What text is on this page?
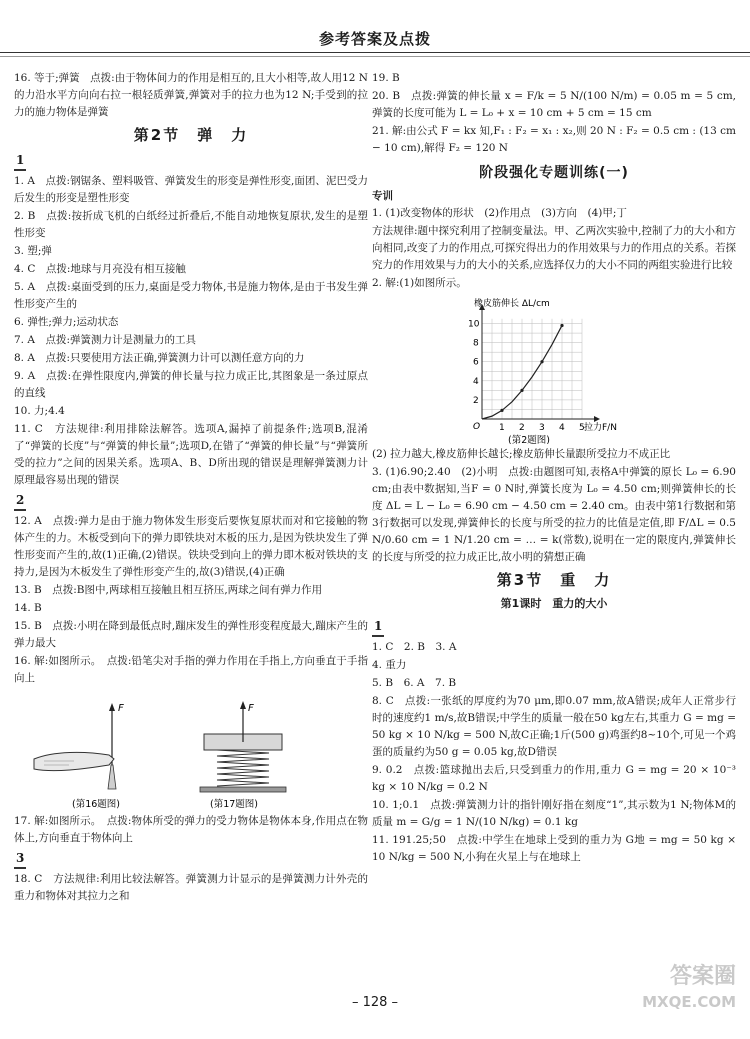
参考答案及点拨
16. 等于;弹簧　点拨:由于物体间力的作用是相互的,且大小相等,故人用12 N的力沿水平方向向右拉一根轻质弹簧,弹簧对手的拉力也为12 N;手受到的拉力的施力物体是弹簧
第2节　弹　力
1
1. A　点拨:钢锯条、塑料吸管、弹簧发生的形变是弹性形变,面团、泥巴受力后发生的形变是塑性形变
2. B　点拨:按折成飞机的白纸经过折叠后,不能自动地恢复原状,发生的是塑性形变
3. 塑;弹
4. C　点拨:地球与月亮没有相互接触
5. A　点拨:桌面受到的压力,桌面是受力物体,书是施力物体,是由于书发生弹性形变产生的
6. 弹性;弹力;运动状态
7. A　点拨:弹簧测力计是测量力的工具
8. A　点拨:只要使用方法正确,弹簧测力计可以测任意方向的力
9. A　点拨:在弹性限度内,弹簧的伸长量与拉力成正比,其图象是一条过原点的直线
10. 力;4.4
11. C　方法规律:利用排除法解答。选项A,漏掉了前提条件;选项B,混淆了“弹簧的长度”与“弹簧的伸长量”;选项D,在错了“弹簧的伸长量”与“弹簧所受的拉力”之间的因果关系。选项A、B、D所出现的错误是理解弹簧测力计原理最容易出现的错误
2
12. A　点拨:弹力是由于施力物体发生形变后要恢复原状而对和它接触的物体产生的力。木板受到向下的弹力即铁块对木板的压力,是因为铁块发生了弹性形变而产生的,故(1)正确,(2)错误。铁块受到向上的弹力即木板对铁块的支持力,是因为木板发生了弹性形变产生的,故(3)错误,(4)正确
13. B　点拨:B图中,两球相互接触且相互挤压,两球之间有弹力作用
14. B
15. B　点拨:小明在降到最低点时,蹦床发生的弹性形变程度最大,蹦床产生的弹力最大
16. 解:如图所示。　点拨:铅笔尖对手指的弹力作用在手指上,方向垂直于手指向上
F
(第16题图)
F
(第17题图)
17. 解:如图所示。　点拨:物体所受的弹力的受力物体是物体本身,作用点在物体上,方向垂直于物体向上
3
18. C　方法规律:利用比较法解答。弹簧测力计显示的是弹簧测力计外壳的重力和物体对其拉力之和
19. B
20. B　点拨:弹簧的伸长量 x = F/k = 5 N/(100 N/m) = 0.05 m = 5 cm,弹簧的长度可能为 L = L₀ + x = 10 cm + 5 cm = 15 cm
21. 解:由公式 F = kx 知,F₁ : F₂ = x₁ : x₂,则 20 N : F₂ = 0.5 cm : (13 cm − 10 cm),解得 F₂ = 120 N
阶段强化专题训练(一)
专训
1. (1)改变物体的形状　(2)作用点　(3)方向　(4)甲;丁
方法规律:题中探究利用了控制变量法。甲、乙两次实验中,控制了力的大小和方向相同,改变了力的作用点,可探究得出力的作用效果与力的作用点的关系。若探究力的作用效果与力的大小的关系,应选择仅力的大小不同的两组实验进行比较
2. 解:(1)如图所示。
1 2 3 4 5
2
4
6
8
10
O
橡皮筋伸长 ΔL/cm
拉力F/N
(第2题图)
(2) 拉力越大,橡皮筋伸长越长;橡皮筋伸长量跟所受拉力不成正比
3. (1)6.90;2.40　(2)小明　点拨:由题图可知,表格A中弹簧的原长 L₀ = 6.90 cm;由表中数据知,当F = 0 N时,弹簧长度为 L₀ = 4.50 cm;则弹簧伸长的长度 ΔL = L − L₀ = 6.90 cm − 4.50 cm = 2.40 cm。由表中第1行数据和第3行数据可以发现,弹簧伸长的长度与所受的拉力的比值是定值,即 F/ΔL = 0.5 N/0.60 cm = 1 N/1.20 cm = … = k(常数),说明在一定的限度内,弹簧伸长的长度与所受的拉力成正比,故小明的猜想正确
第3节　重　力
第1课时　重力的大小
1
1. C　2. B　3. A
4. 重力
5. B　6. A　7. B
8. C　点拨:一张纸的厚度约为70 μm,即0.07 mm,故A错误;成年人正常步行时的速度约1 m/s,故B错误;中学生的质量一般在50 kg左右,其重力 G = mg = 50 kg × 10 N/kg = 500 N,故C正确;1斤(500 g)鸡蛋约8~10个,可见一个鸡蛋的质量约为50 g = 0.05 kg,故D错误
9. 0.2　点拨:篮球抛出去后,只受到重力的作用,重力 G = mg = 20 × 10⁻³ kg × 10 N/kg = 0.2 N
10. 1;0.1　点拨:弹簧测力计的指针刚好指在刻度“1”,其示数为1 N;物体M的质量 m = G/g = 1 N/(10 N/kg) = 0.1 kg
11. 191.25;50　点拨:中学生在地球上受到的重力为 G地 = mg = 50 kg × 10 N/kg = 500 N,小狗在火星上与在地球上
– 128 –
答案圈
MXQE.COM
